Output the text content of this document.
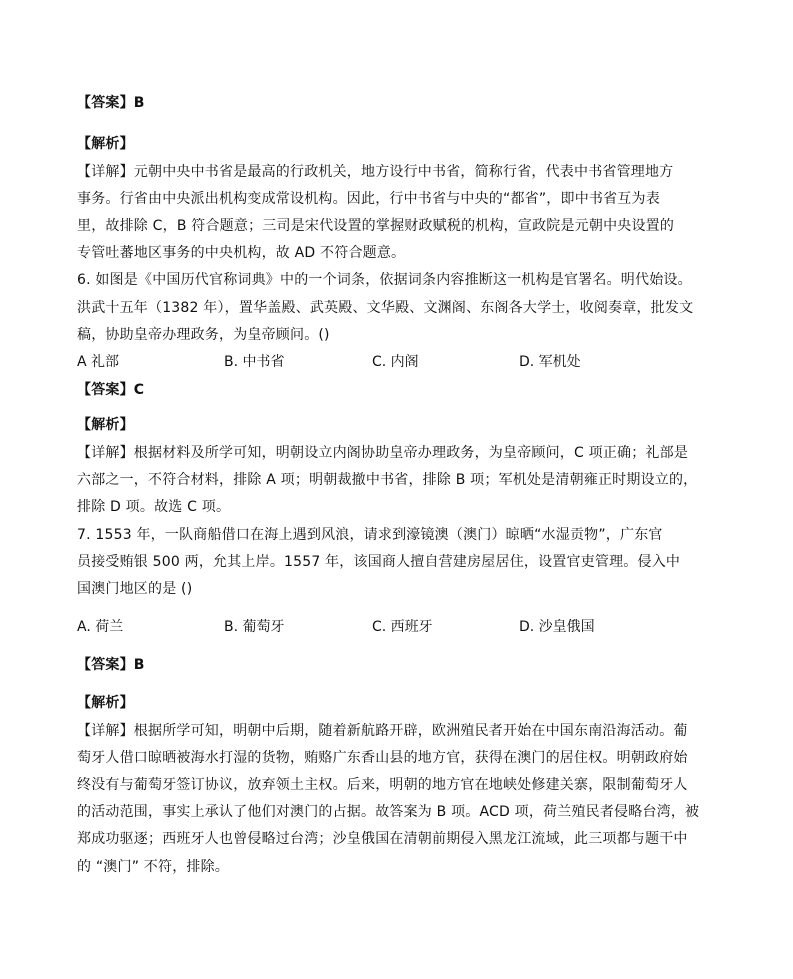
【答案】B
【解析】
【详解】元朝中央中书省是最高的行政机关，地方设行中书省，简称行省，代表中书省管理地方
事务。行省由中央派出机构变成常设机构。因此，行中书省与中央的“都省”，即中书省互为表
里，故排除 C，B 符合题意；三司是宋代设置的掌握财政赋税的机构，宣政院是元朝中央设置的
专管吐蕃地区事务的中央机构，故 AD 不符合题意。
6. 如图是《中国历代官称词典》中的一个词条，依据词条内容推断这一机构是官署名。明代始设。
洪武十五年（1382 年），置华盖殿、武英殿、文华殿、文渊阁、东阁各大学士，收阅奏章，批发文
稿，协助皇帝办理政务，为皇帝顾问。()
A 礼部	B. 中书省	C. 内阁	D. 军机处
【答案】C
【解析】
【详解】根据材料及所学可知，明朝设立内阁协助皇帝办理政务，为皇帝顾问，C 项正确；礼部是
六部之一，不符合材料，排除 A 项；明朝裁撤中书省，排除 B 项；军机处是清朝雍正时期设立的，
排除 D 项。故选 C 项。
7. 1553 年，一队商船借口在海上遇到风浪，请求到濠镜澳（澳门）晾晒“水湿贡物”，广东官
员接受贿银 500 两，允其上岸。1557 年，该国商人擅自营建房屋居住，设置官吏管理。侵入中
国澳门地区的是 ()
A. 荷兰	B. 葡萄牙	C. 西班牙	D. 沙皇俄国
【答案】B
【解析】
【详解】根据所学可知，明朝中后期，随着新航路开辟，欧洲殖民者开始在中国东南沿海活动。葡
萄牙人借口晾晒被海水打湿的货物，贿赂广东香山县的地方官，获得在澳门的居住权。明朝政府始
终没有与葡萄牙签订协议，放弃领土主权。后来，明朝的地方官在地峡处修建关寨，限制葡萄牙人
的活动范围，事实上承认了他们对澳门的占据。故答案为 B 项。ACD 项，荷兰殖民者侵略台湾，被
郑成功驱逐；西班牙人也曾侵略过台湾；沙皇俄国在清朝前期侵入黑龙江流域，此三项都与题干中
的 “澳门” 不符，排除。
